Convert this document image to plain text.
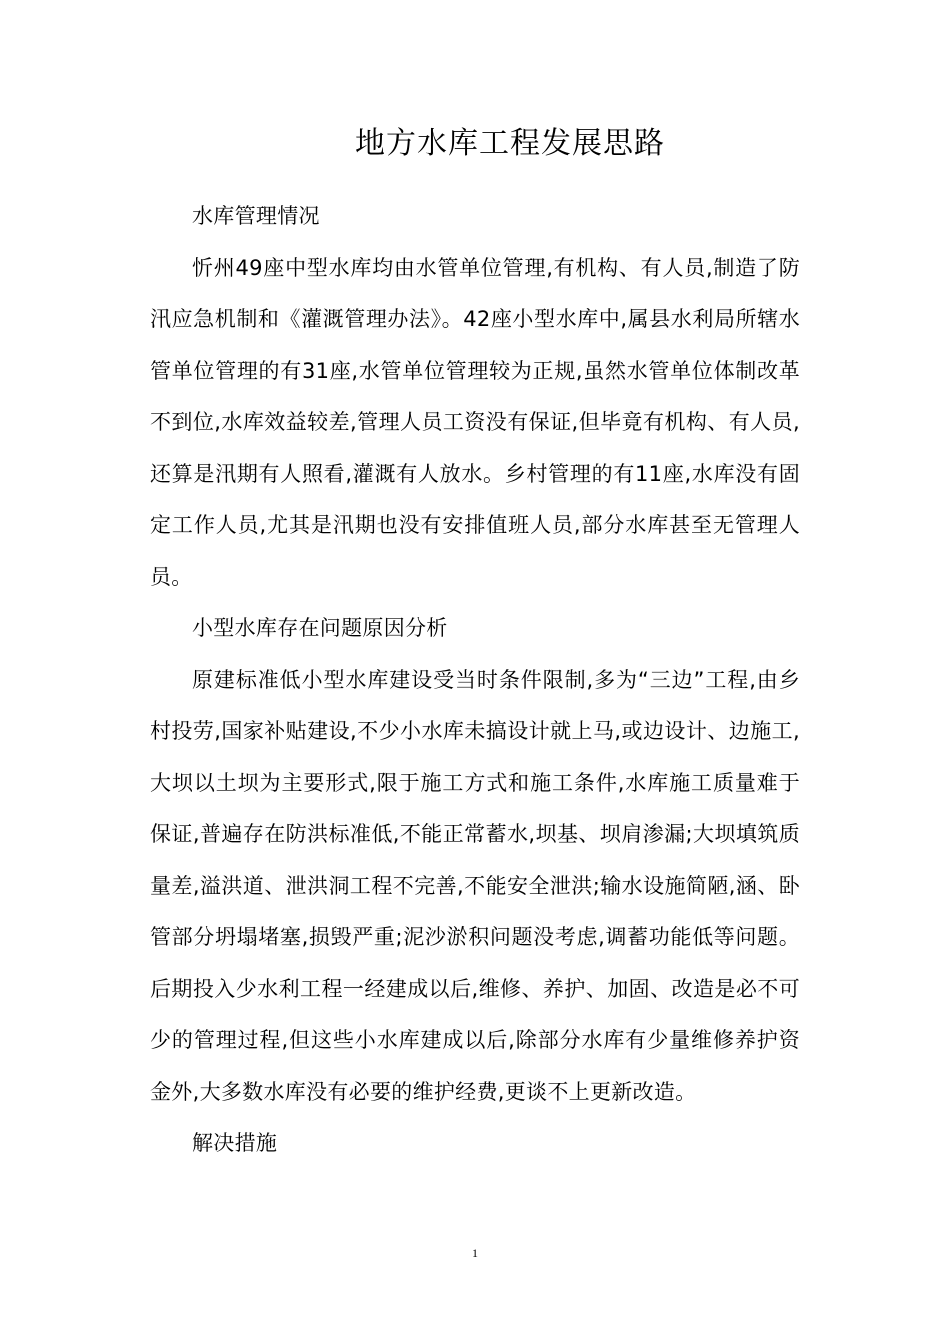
地方水库工程发展思路

水库管理情况

忻州49座中型水库均由水管单位管理,有机构、有人员,制造了防汛应急机制和《灌溉管理办法》。42座小型水库中,属县水利局所辖水管单位管理的有31座,水管单位管理较为正规,虽然水管单位体制改革不到位,水库效益较差,管理人员工资没有保证,但毕竟有机构、有人员,还算是汛期有人照看,灌溉有人放水。乡村管理的有11座,水库没有固定工作人员,尤其是汛期也没有安排值班人员,部分水库甚至无管理人员。

小型水库存在问题原因分析

原建标准低小型水库建设受当时条件限制,多为“三边”工程,由乡村投劳,国家补贴建设,不少小水库未搞设计就上马,或边设计、边施工,大坝以土坝为主要形式,限于施工方式和施工条件,水库施工质量难于保证,普遍存在防洪标准低,不能正常蓄水,坝基、坝肩渗漏;大坝填筑质量差,溢洪道、泄洪洞工程不完善,不能安全泄洪;输水设施简陋,涵、卧管部分坍塌堵塞,损毁严重;泥沙淤积问题没考虑,调蓄功能低等问题。后期投入少水利工程一经建成以后,维修、养护、加固、改造是必不可少的管理过程,但这些小水库建成以后,除部分水库有少量维修养护资金外,大多数水库没有必要的维护经费,更谈不上更新改造。

解决措施

1
